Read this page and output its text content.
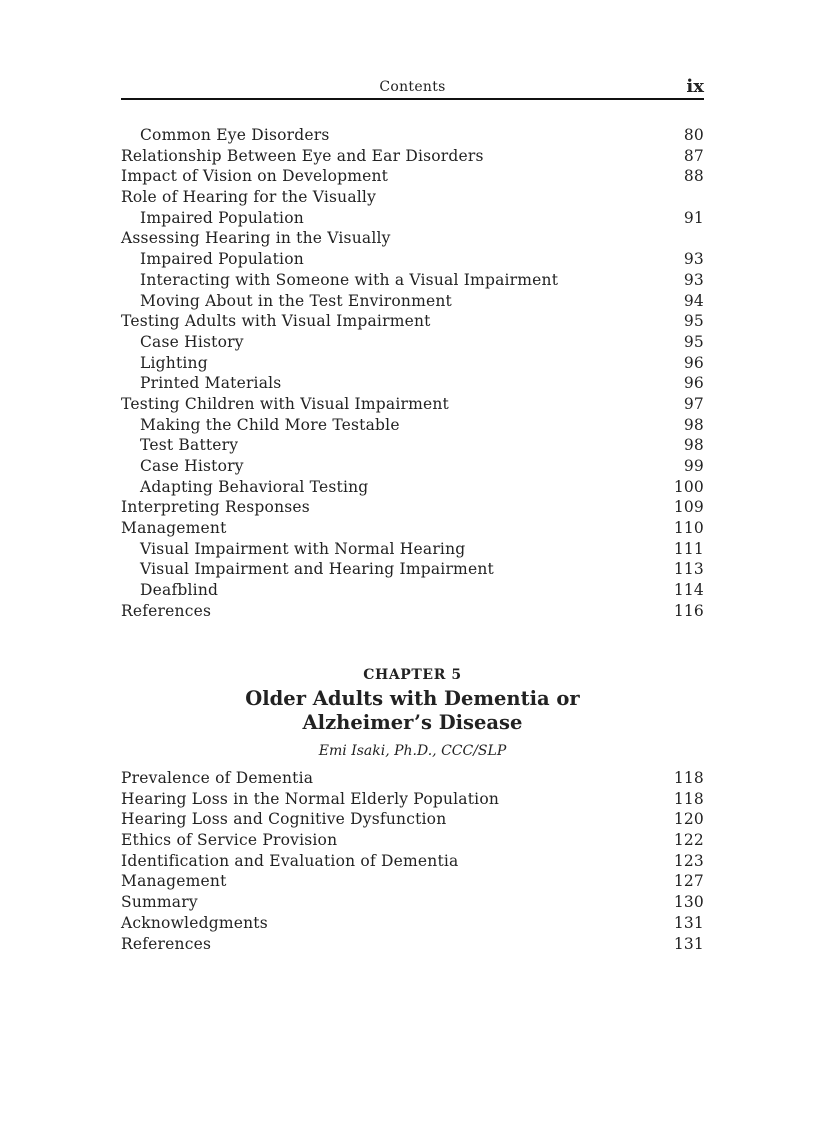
Contents	ix
Common Eye Disorders	80
Relationship Between Eye and Ear Disorders	87
Impact of Vision on Development	88
Role of Hearing for the Visually
Impaired Population	91
Assessing Hearing in the Visually
Impaired Population	93
Interacting with Someone with a Visual Impairment	93
Moving About in the Test Environment	94
Testing Adults with Visual Impairment	95
Case History	95
Lighting	96
Printed Materials	96
Testing Children with Visual Impairment	97
Making the Child More Testable	98
Test Battery	98
Case History	99
Adapting Behavioral Testing	100
Interpreting Responses	109
Management	110
Visual Impairment with Normal Hearing	111
Visual Impairment and Hearing Impairment	113
Deafblind	114
References	116
CHAPTER 5
Older Adults with Dementia or
Alzheimer’s Disease
Emi Isaki, Ph.D., CCC/SLP
Prevalence of Dementia	118
Hearing Loss in the Normal Elderly Population	118
Hearing Loss and Cognitive Dysfunction	120
Ethics of Service Provision	122
Identification and Evaluation of Dementia	123
Management	127
Summary	130
Acknowledgments	131
References	131
